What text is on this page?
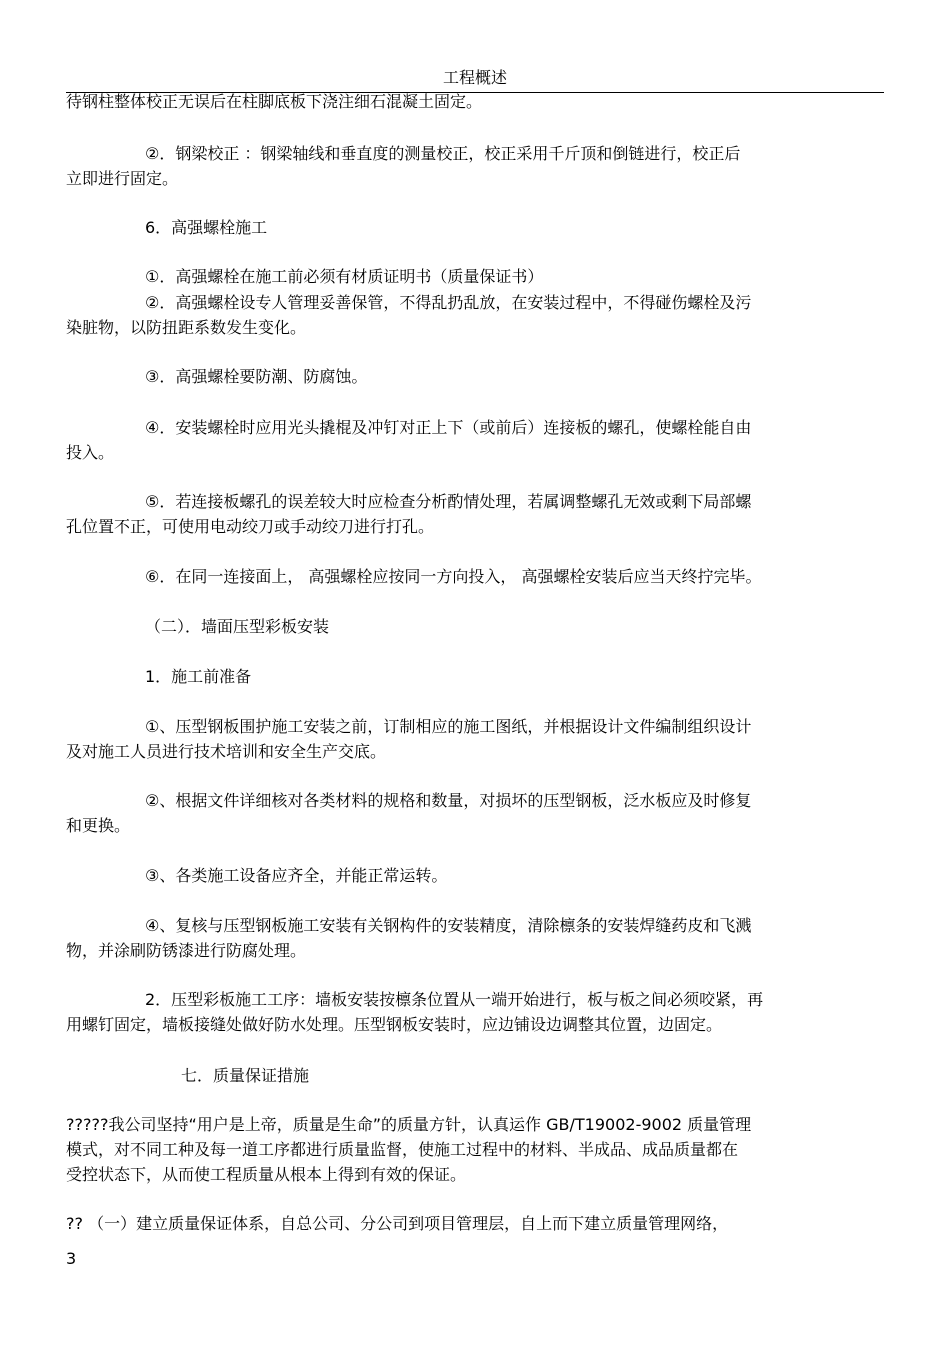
工程概述
待钢柱整体校正无误后在柱脚底板下浇注细石混凝土固定。
②．钢梁校正 ：钢梁轴线和垂直度的测量校正，校正采用千斤顶和倒链进行，校正后
立即进行固定。
6．高强螺栓施工
①．高强螺栓在施工前必须有材质证明书（质量保证书）
②．高强螺栓设专人管理妥善保管，不得乱扔乱放，在安装过程中，不得碰伤螺栓及污
染脏物，以防扭距系数发生变化。
③．高强螺栓要防潮、防腐蚀。
④．安装螺栓时应用光头撬棍及冲钉对正上下（或前后）连接板的螺孔，使螺栓能自由
投入。
⑤．若连接板螺孔的误差较大时应检查分析酌情处理，若属调整螺孔无效或剩下局部螺
孔位置不正，可使用电动绞刀或手动绞刀进行打孔。
⑥．在同一连接面上， 高强螺栓应按同一方向投入， 高强螺栓安装后应当天终拧完毕。
（二）．墙面压型彩板安装
1．施工前准备
①、压型钢板围护施工安装之前，订制相应的施工图纸，并根据设计文件编制组织设计
及对施工人员进行技术培训和安全生产交底。
②、根据文件详细核对各类材料的规格和数量，对损坏的压型钢板，泛水板应及时修复
和更换。
③、各类施工设备应齐全，并能正常运转。
④、复核与压型钢板施工安装有关钢构件的安装精度，清除檩条的安装焊缝药皮和飞溅
物，并涂刷防锈漆进行防腐处理。
2．压型彩板施工工序：墙板安装按檩条位置从一端开始进行，板与板之间必须咬紧，再
用螺钉固定，墙板接缝处做好防水处理。压型钢板安装时，应边铺设边调整其位置，边固定。
七．质量保证措施
?????我公司坚持“用户是上帝，质量是生命”的质量方针，认真运作 GB/T19002-9002 质量管理
模式，对不同工种及每一道工序都进行质量监督，使施工过程中的材料、半成品、成品质量都在
受控状态下，从而使工程质量从根本上得到有效的保证。
?? （一）建立质量保证体系，自总公司、分公司到项目管理层，自上而下建立质量管理网络，
3
